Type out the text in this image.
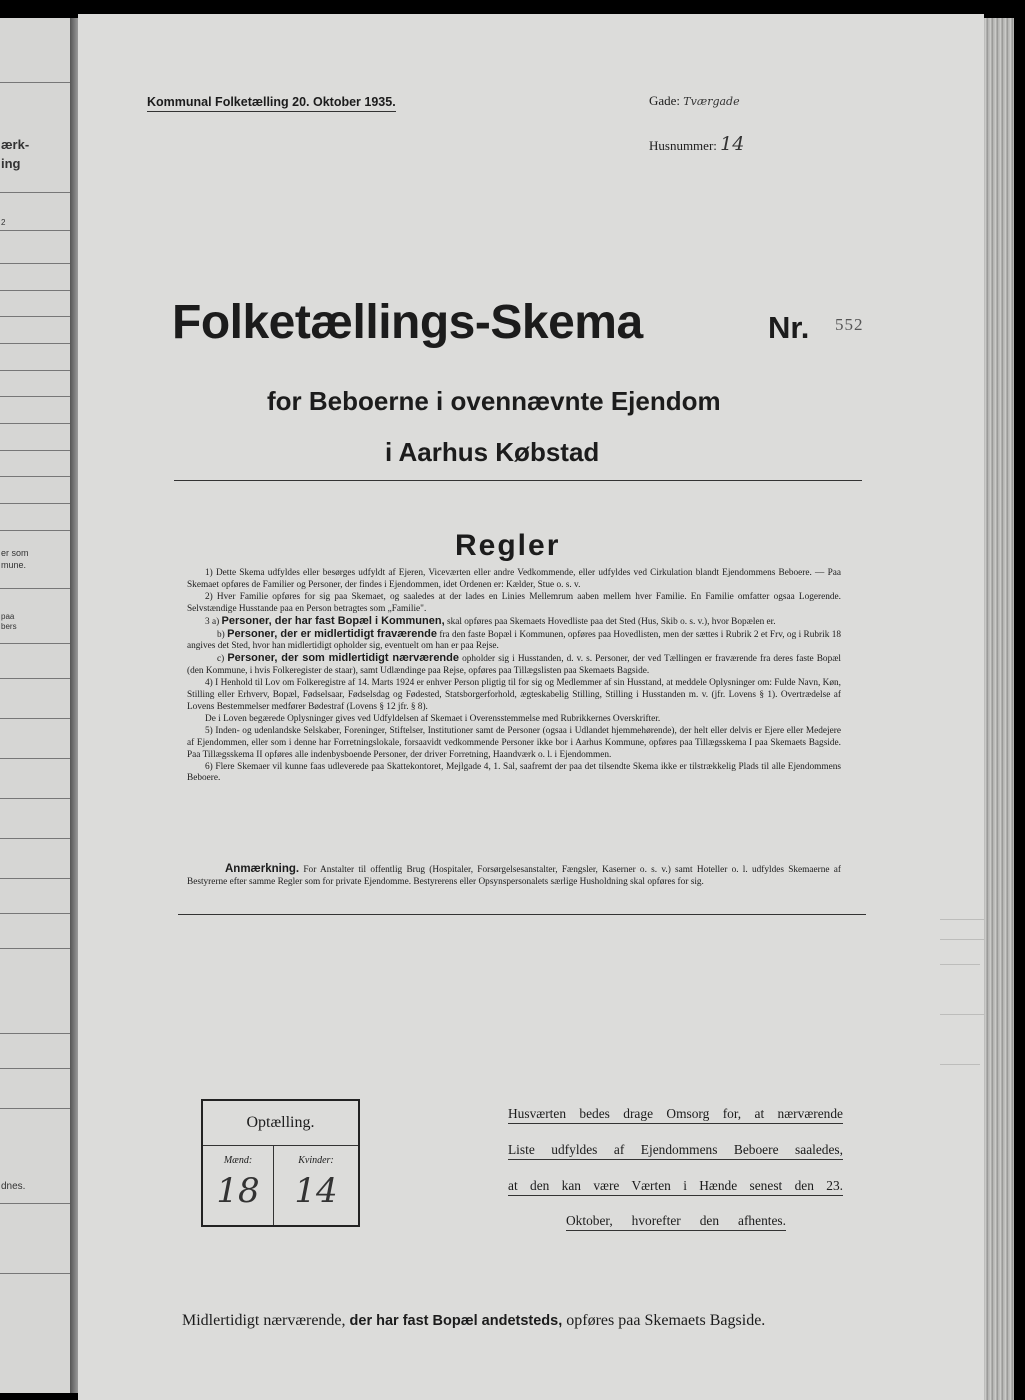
ærk-
ing
2
er som
mune.
paa
bers
dnes.
Kommunal Folketælling 20. Oktober 1935.	Gade: Tværgade
Husnummer: 14
Folketællings-Skema	Nr. 552
for Beboerne i ovennævnte Ejendom
i Aarhus Købstad
Regler

1) Dette Skema udfyldes eller besørges udfyldt af Ejeren, Viceværten eller andre Vedkommende, eller udfyldes ved Cirkulation blandt Ejendommens Beboere. — Paa Skemaet opføres de Familier og Personer, der findes i Ejendommen, idet Ordenen er: Kælder, Stue o. s. v.

2) Hver Familie opføres for sig paa Skemaet, og saaledes at der lades en Linies Mellemrum aaben mellem hver Familie. En Familie omfatter ogsaa Logerende. Selvstændige Husstande paa en Person betragtes som „Familie".

3 a) Personer, der har fast Bopæl i Kommunen, skal opføres paa Skemaets Hovedliste paa det Sted (Hus, Skib o. s. v.), hvor Bopælen er.

b) Personer, der er midlertidigt fraværende fra den faste Bopæl i Kommunen, opføres paa Hovedlisten, men der sættes i Rubrik 2 et Frv, og i Rubrik 18 angives det Sted, hvor han midlertidigt opholder sig, eventuelt om han er paa Rejse.

c) Personer, der som midlertidigt nærværende opholder sig i Husstanden, d. v. s. Personer, der ved Tællingen er fraværende fra deres faste Bopæl (den Kommune, i hvis Folkeregister de staar), samt Udlændinge paa Rejse, opføres paa Tillægslisten paa Skemaets Bagside.

4) I Henhold til Lov om Folkeregistre af 14. Marts 1924 er enhver Person pligtig til for sig og Medlemmer af sin Husstand, at meddele Oplysninger om: Fulde Navn, Køn, Stilling eller Erhverv, Bopæl, Fødselsaar, Fødselsdag og Fødested, Statsborgerforhold, ægteskabelig Stilling, Stilling i Husstanden m. v. (jfr. Lovens § 1). Overtrædelse af Lovens Bestemmelser medfører Bødestraf (Lovens § 12 jfr. § 8).

De i Loven begærede Oplysninger gives ved Udfyldelsen af Skemaet i Overensstemmelse med Rubrikkernes Overskrifter.

5) Inden- og udenlandske Selskaber, Foreninger, Stiftelser, Institutioner samt de Personer (ogsaa i Udlandet hjemmehørende), der helt eller delvis er Ejere eller Medejere af Ejendommen, eller som i denne har Forretningslokale, forsaavidt vedkommende Personer ikke bor i Aarhus Kommune, opføres paa Tillægsskema I paa Skemaets Bagside. Paa Tillægsskema II opføres alle indenbysboende Personer, der driver Forretning, Haandværk o. l. i Ejendommen.

6) Flere Skemaer vil kunne faas udleverede paa Skattekontoret, Mejlgade 4, 1. Sal, saafremt der paa det tilsendte Skema ikke er tilstrækkelig Plads til alle Ejendommens Beboere.

Anmærkning. For Anstalter til offentlig Brug (Hospitaler, Forsørgelsesanstalter, Fængsler, Kaserner o. s. v.) samt Hoteller o. l. udfyldes Skemaerne af Bestyrerne efter samme Regler som for private Ejendomme. Bestyrerens eller Opsynspersonalets særlige Husholdning skal opføres for sig.
Optælling.
Mænd:
18
Kvinder:
14
Husværten bedes drage Omsorg for, at nærværende
Liste udfyldes af Ejendommens Beboere saaledes,
at den kan være Værten i Hænde senest den 23.
Oktober, hvorefter den afhentes.
Midlertidigt nærværende, der har fast Bopæl andetsteds, opføres paa Skemaets Bagside.
